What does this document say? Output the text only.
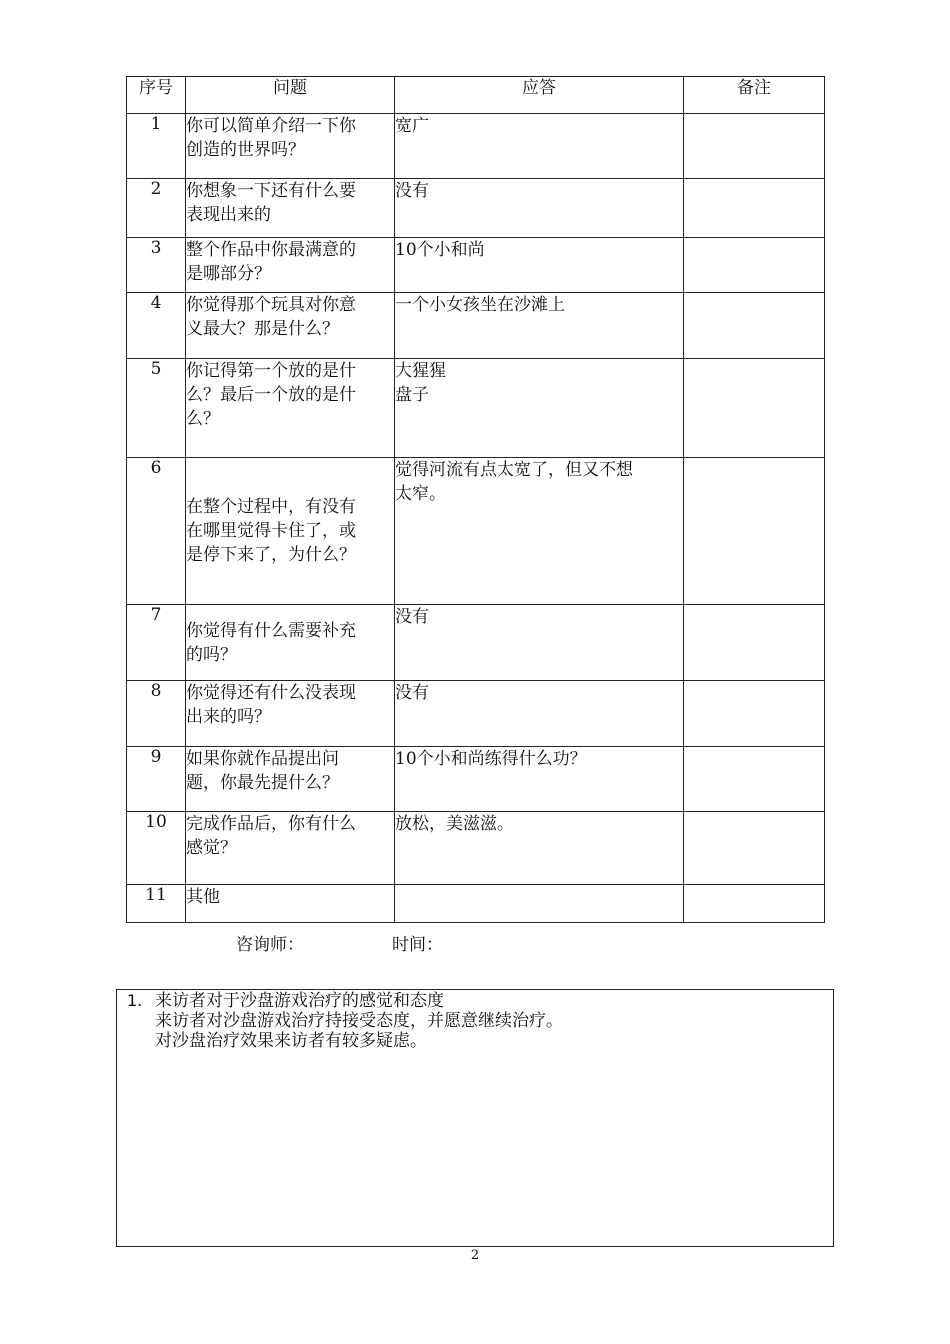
序号	问题	应答	备注
1	你可以简单介绍一下你
创造的世界吗？	宽广	

2	你想象一下还有什么要
表现出来的	没有	

3	整个作品中你最满意的
是哪部分？	10个小和尚	

4	你觉得那个玩具对你意
义最大？那是什么？	一个小女孩坐在沙滩上	

5	你记得第一个放的是什
么？最后一个放的是什
么？	大猩猩
盘子	

6	在整个过程中，有没有
在哪里觉得卡住了，或
是停下来了，为什么？	觉得河流有点太宽了，但又不想
太窄。	

7	你觉得有什么需要补充
的吗？	没有	

8	你觉得还有什么没表现
出来的吗？	没有	

9	如果你就作品提出问
题，你最先提什么？	10个小和尚练得什么功？	

10	完成作品后，你有什么
感觉？	放松，美滋滋。	

11	其他		

咨询师：	时间：
1. 来访者对于沙盘游戏治疗的感觉和态度
来访者对沙盘游戏治疗持接受态度，并愿意继续治疗。
对沙盘治疗效果来访者有较多疑虑。
2
